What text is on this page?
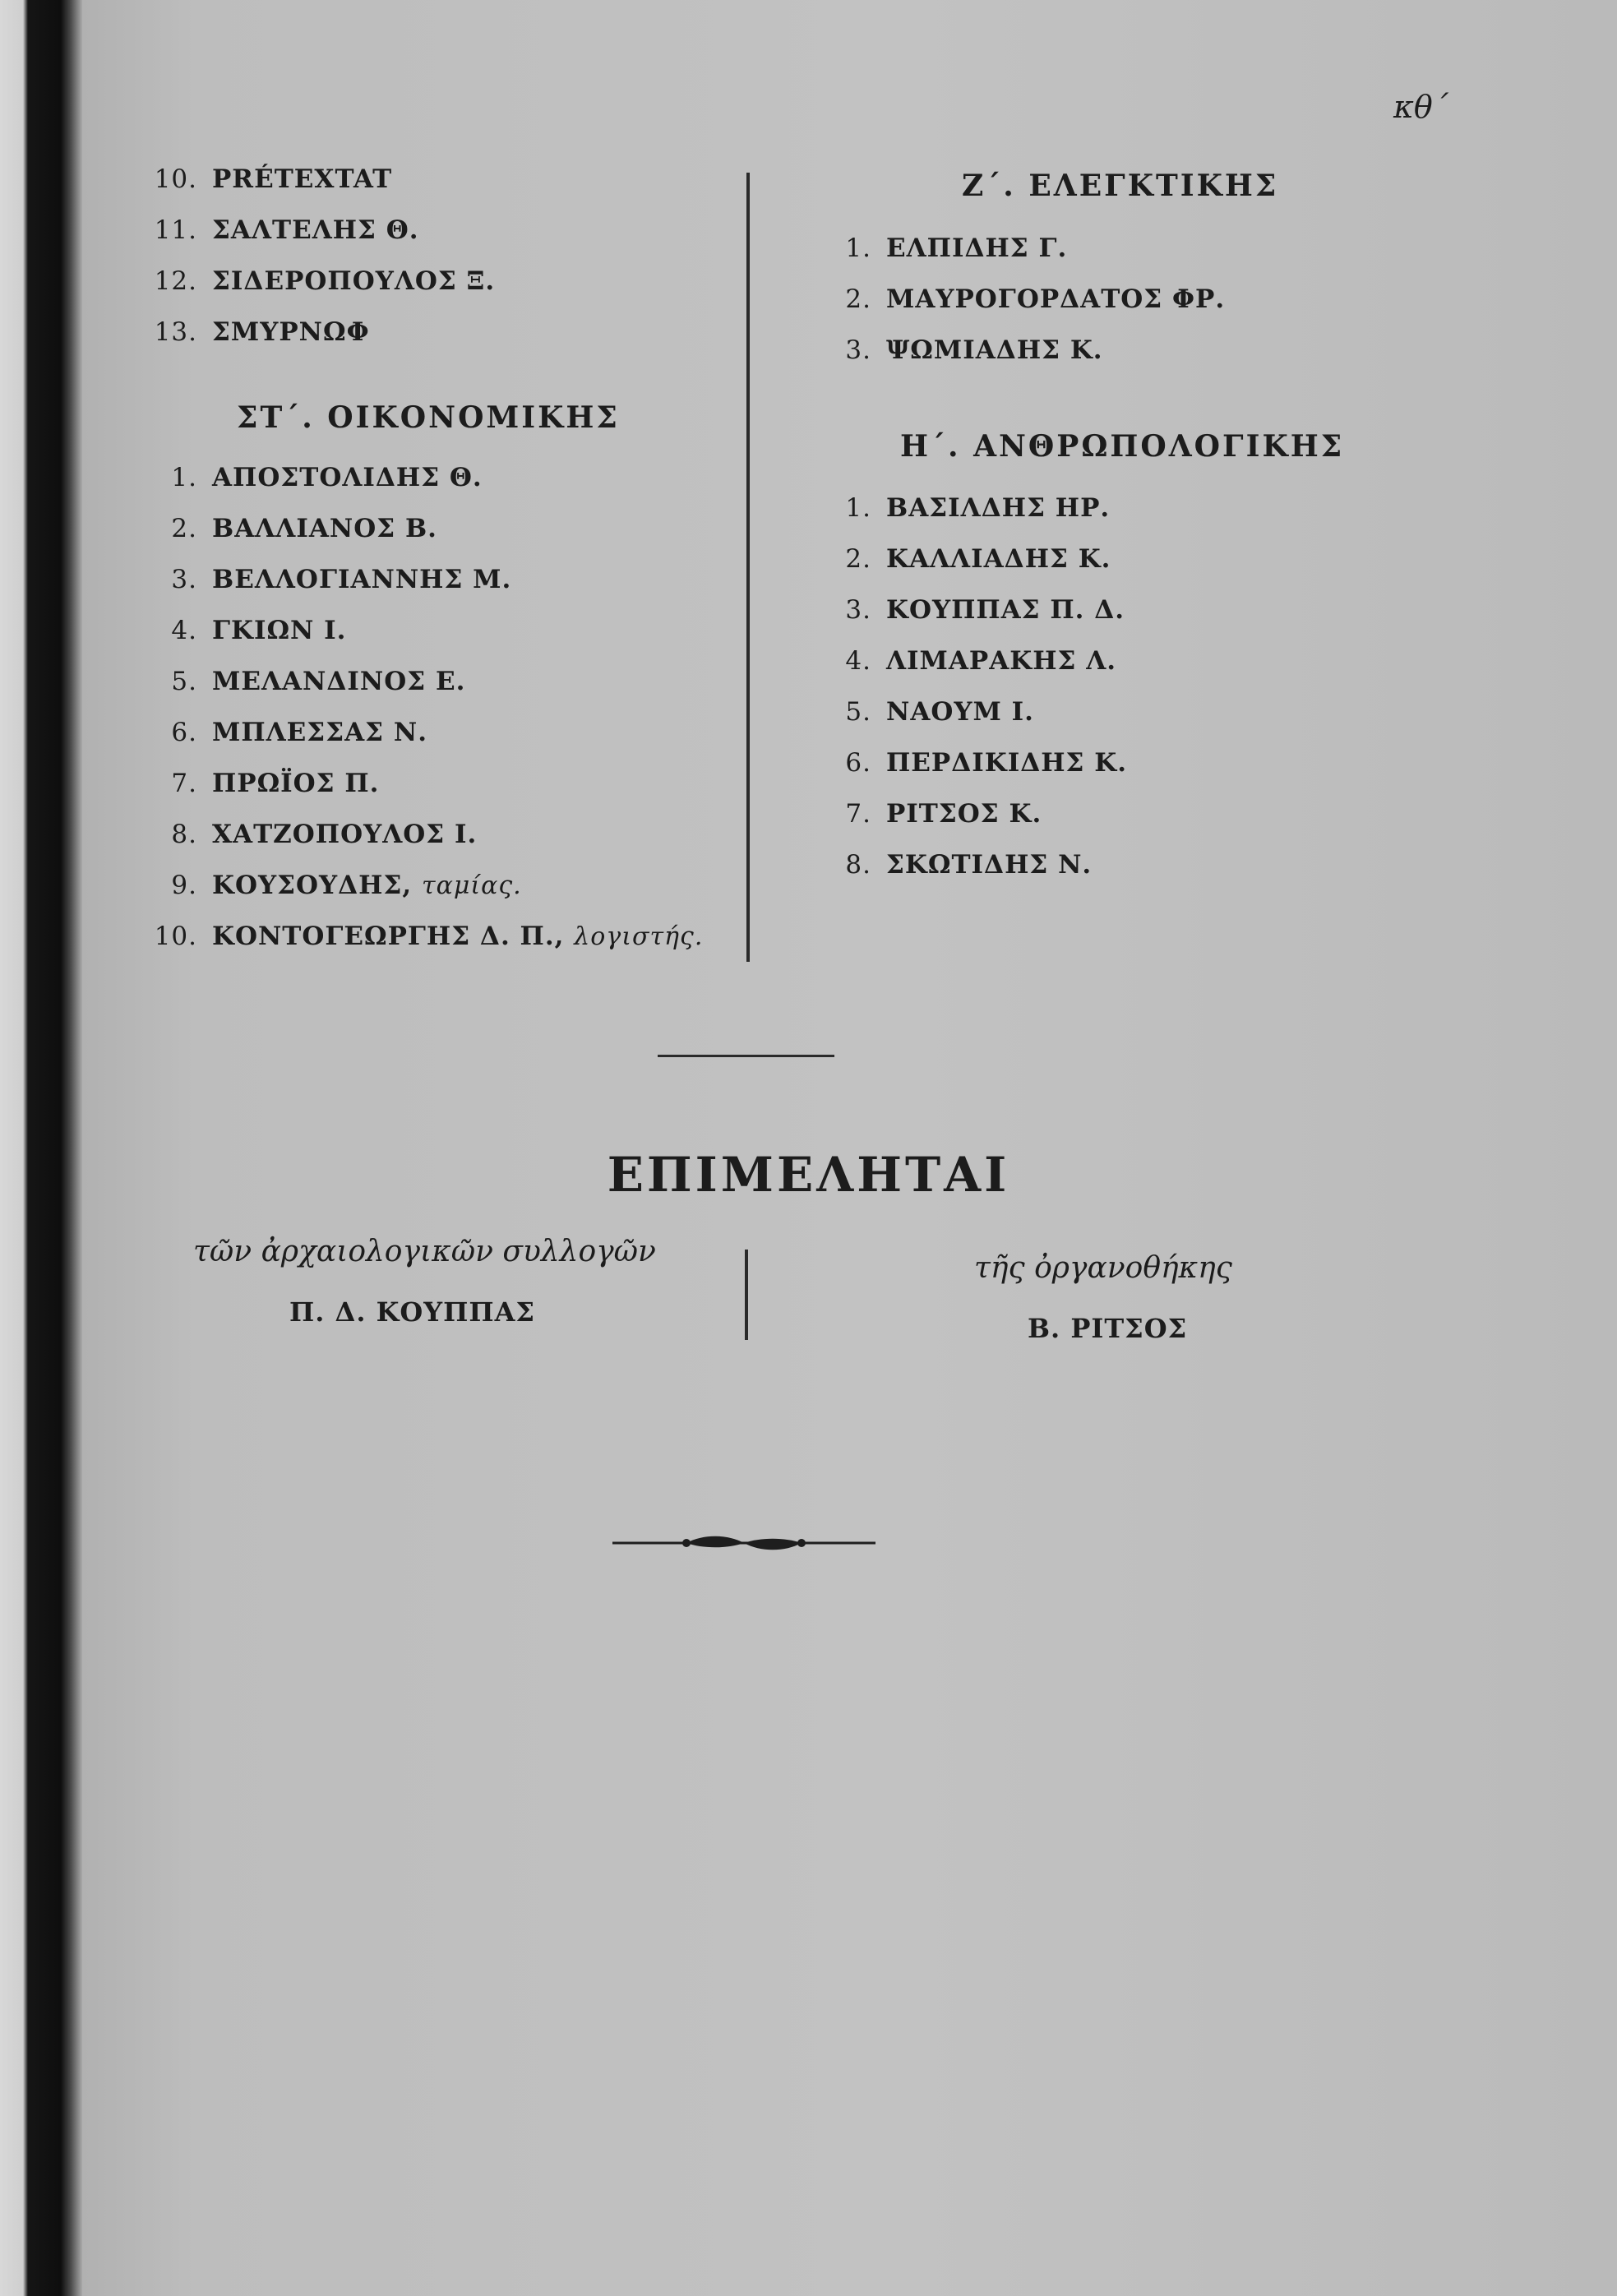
κθ΄
10. PRÉTEXTAT
11. ΣΑΛΤΕΛΗΣ Θ.
12. ΣΙΔΕΡΟΠΟΥΛΟΣ Ξ.
13. ΣΜΥΡΝΩΦ
ΣΤ΄. ΟΙΚΟΝΟΜΙΚΗΣ
1. ΑΠΟΣΤΟΛΙΔΗΣ Θ.
2. ΒΑΛΛΙΑΝΟΣ Β.
3. ΒΕΛΛΟΓΙΑΝΝΗΣ Μ.
4. ΓΚΙΩΝ Ι.
5. ΜΕΛΑΝΔΙΝΟΣ Ε.
6. ΜΠΛΕΣΣΑΣ Ν.
7. ΠΡΩΪΟΣ Π.
8. ΧΑΤΖΟΠΟΥΛΟΣ Ι.
9. ΚΟΥΣΟΥΔΗΣ, ταμίας.
10. ΚΟΝΤΟΓΕΩΡΓΗΣ Δ. Π., λογιστής.
Ζ΄. ΕΛΕΓΚΤΙΚΗΣ
1. ΕΛΠΙΔΗΣ Γ.
2. ΜΑΥΡΟΓΟΡΔΑΤΟΣ ΦΡ.
3. ΨΩΜΙΑΔΗΣ Κ.
Η΄. ΑΝΘΡΩΠΟΛΟΓΙΚΗΣ
1. ΒΑΣΙΛΔΗΣ ΗΡ.
2. ΚΑΛΛΙΑΔΗΣ Κ.
3. ΚΟΥΠΠΑΣ Π. Δ.
4. ΛΙΜΑΡΑΚΗΣ Λ.
5. ΝΑΟΥΜ Ι.
6. ΠΕΡΔΙΚΙΔΗΣ Κ.
7. ΡΙΤΣΟΣ Κ.
8. ΣΚΩΤΙΔΗΣ Ν.
ΕΠΙΜΕΛΗΤΑΙ
τῶν ἀρχαιολογικῶν συλλογῶν
Π. Δ. ΚΟΥΠΠΑΣ
τῆς ὀργανοθήκης
Β. ΡΙΤΣΟΣ
